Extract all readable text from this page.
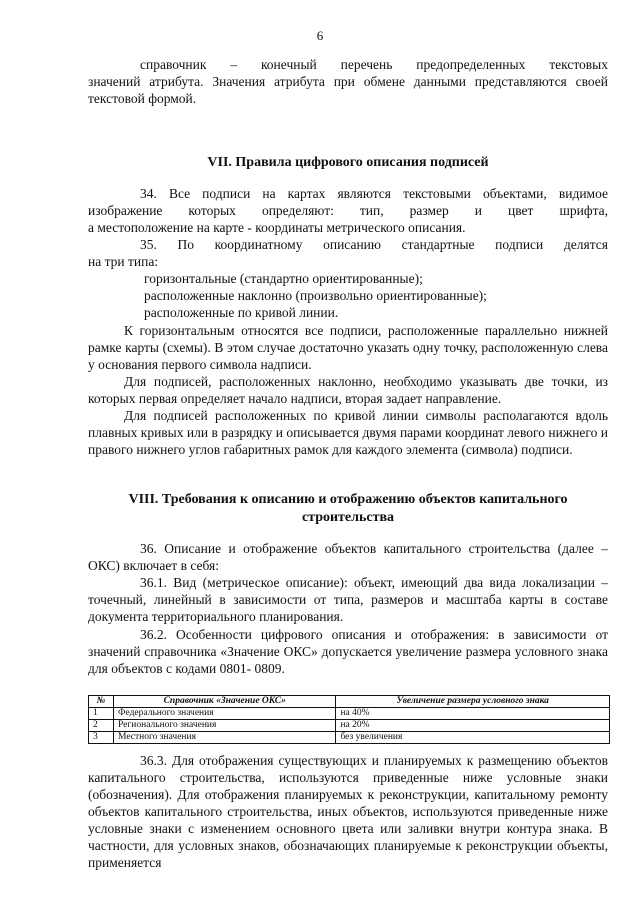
6

справочник – конечный перечень предопределенных текстовых

значений атрибута. Значения атрибута при обмене данными представляются своей текстовой формой.

VII. Правила цифрового описания подписей

34. Все подписи на картах являются текстовыми объектами, видимое

изображение которых определяют: тип, размер и цвет шрифта,

а местоположение на карте - координаты метрического описания.

35. По координатному описанию стандартные подписи делятся

на три типа:

горизонтальные (стандартно ориентированные);

расположенные наклонно (произвольно ориентированные);

расположенные по кривой линии.

К горизонтальным относятся все подписи, расположенные параллельно нижней рамке карты (схемы). В этом случае достаточно указать одну точку, расположенную слева у основания первого символа надписи.

Для подписей, расположенных наклонно, необходимо указывать две точки, из которых первая определяет начало надписи, вторая задает направление.

Для подписей расположенных по кривой линии символы располагаются вдоль плавных кривых или в разрядку и описывается двумя парами координат левого нижнего и правого нижнего углов габаритных рамок для каждого элемента (символа) подписи.

VIII. Требования к описанию и отображению объектов капитального
строительства

36. Описание и отображение объектов капитального строительства (далее – ОКС) включает в себя:

36.1. Вид (метрическое описание): объект, имеющий два вида локализации – точечный, линейный в зависимости от типа, размеров и масштаба карты в составе документа территориального планирования.

36.2. Особенности цифрового описания и отображения: в зависимости от значений справочника «Значение ОКС» допускается увеличение размера условного знака для объектов с кодами 0801- 0809.

№	Справочник «Значение ОКС»	Увеличение размера условного знака
1	Федерального значения	на 40%
2	Регионального значения	на 20%
3	Местного значения	без увеличения

36.3. Для отображения существующих и планируемых к размещению объектов капитального строительства, используются приведенные ниже условные знаки (обозначения). Для отображения планируемых к реконструкции, капитальному ремонту объектов капитального строительства, иных объектов, используются приведенные ниже условные знаки с изменением основного цвета или заливки внутри контура знака. В частности, для условных знаков, обозначающих планируемые к реконструкции объекты, применяется
